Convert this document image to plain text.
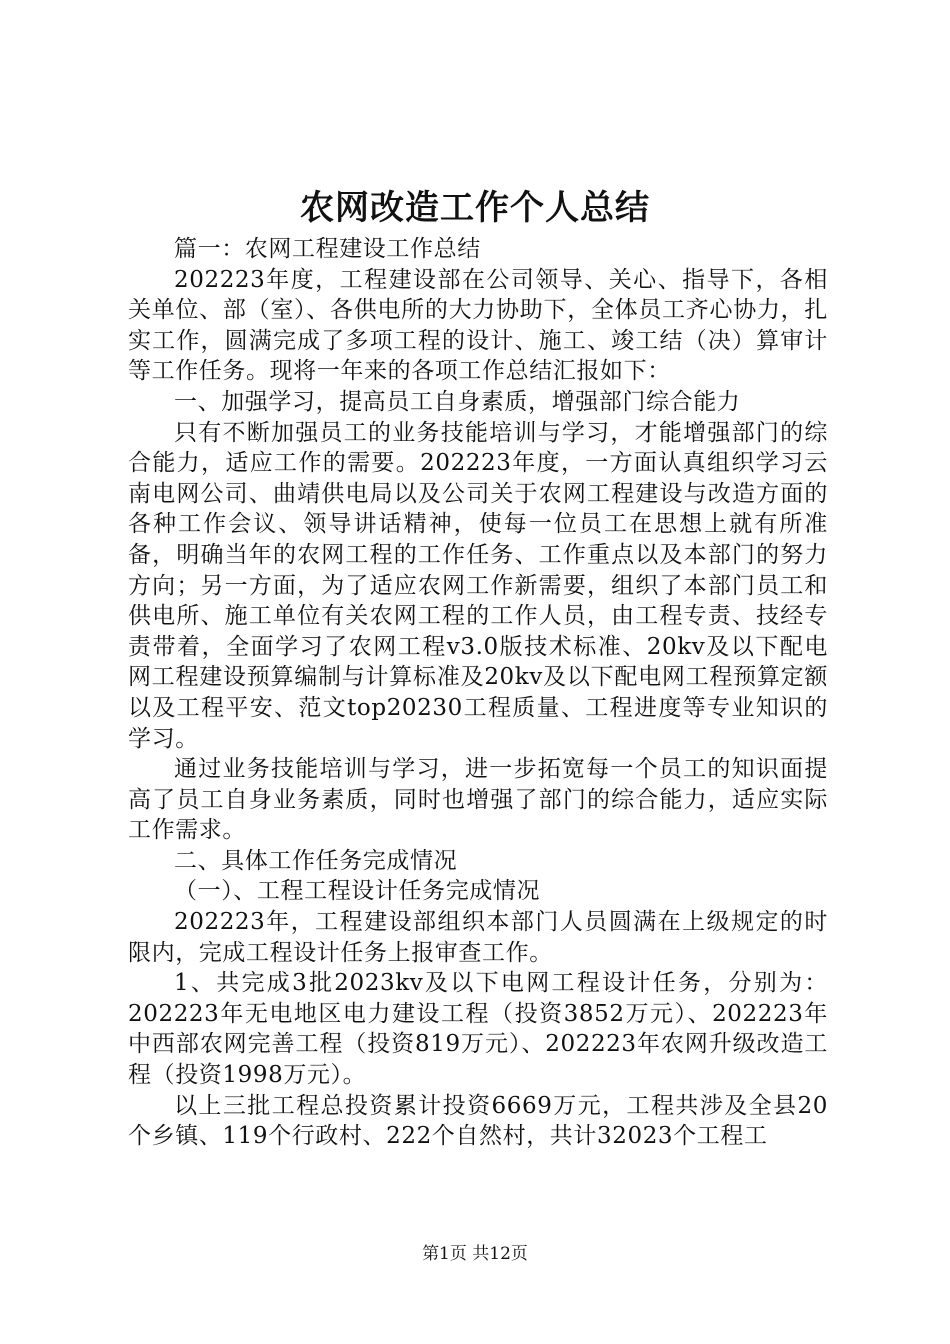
农网改造工作个人总结

篇一：农网工程建设工作总结

202223年度，工程建设部在公司领导、关心、指导下，各相关单位、部（室）、各供电所的大力协助下，全体员工齐心协力，扎实工作，圆满完成了多项工程的设计、施工、竣工结（决）算审计等工作任务。现将一年来的各项工作总结汇报如下：

一、加强学习，提高员工自身素质，增强部门综合能力

只有不断加强员工的业务技能培训与学习，才能增强部门的综合能力，适应工作的需要。202223年度，一方面认真组织学习云南电网公司、曲靖供电局以及公司关于农网工程建设与改造方面的各种工作会议、领导讲话精神，使每一位员工在思想上就有所准备，明确当年的农网工程的工作任务、工作重点以及本部门的努力方向；另一方面，为了适应农网工作新需要，组织了本部门员工和供电所、施工单位有关农网工程的工作人员，由工程专责、技经专责带着，全面学习了农网工程v3.0版技术标准、20kv及以下配电网工程建设预算编制与计算标准及20kv及以下配电网工程预算定额以及工程平安、范文top20230工程质量、工程进度等专业知识的学习。

通过业务技能培训与学习，进一步拓宽每一个员工的知识面提高了员工自身业务素质，同时也增强了部门的综合能力，适应实际工作需求。

二、具体工作任务完成情况

（一）、工程工程设计任务完成情况

202223年，工程建设部组织本部门人员圆满在上级规定的时限内，完成工程设计任务上报审查工作。

1、共完成3批2023kv及以下电网工程设计任务，分别为：202223年无电地区电力建设工程（投资3852万元）、202223年中西部农网完善工程（投资819万元）、202223年农网升级改造工程（投资1998万元）。

以上三批工程总投资累计投资6669万元，工程共涉及全县20个乡镇、119个行政村、222个自然村，共计32023个工程工

第1页 共12页
